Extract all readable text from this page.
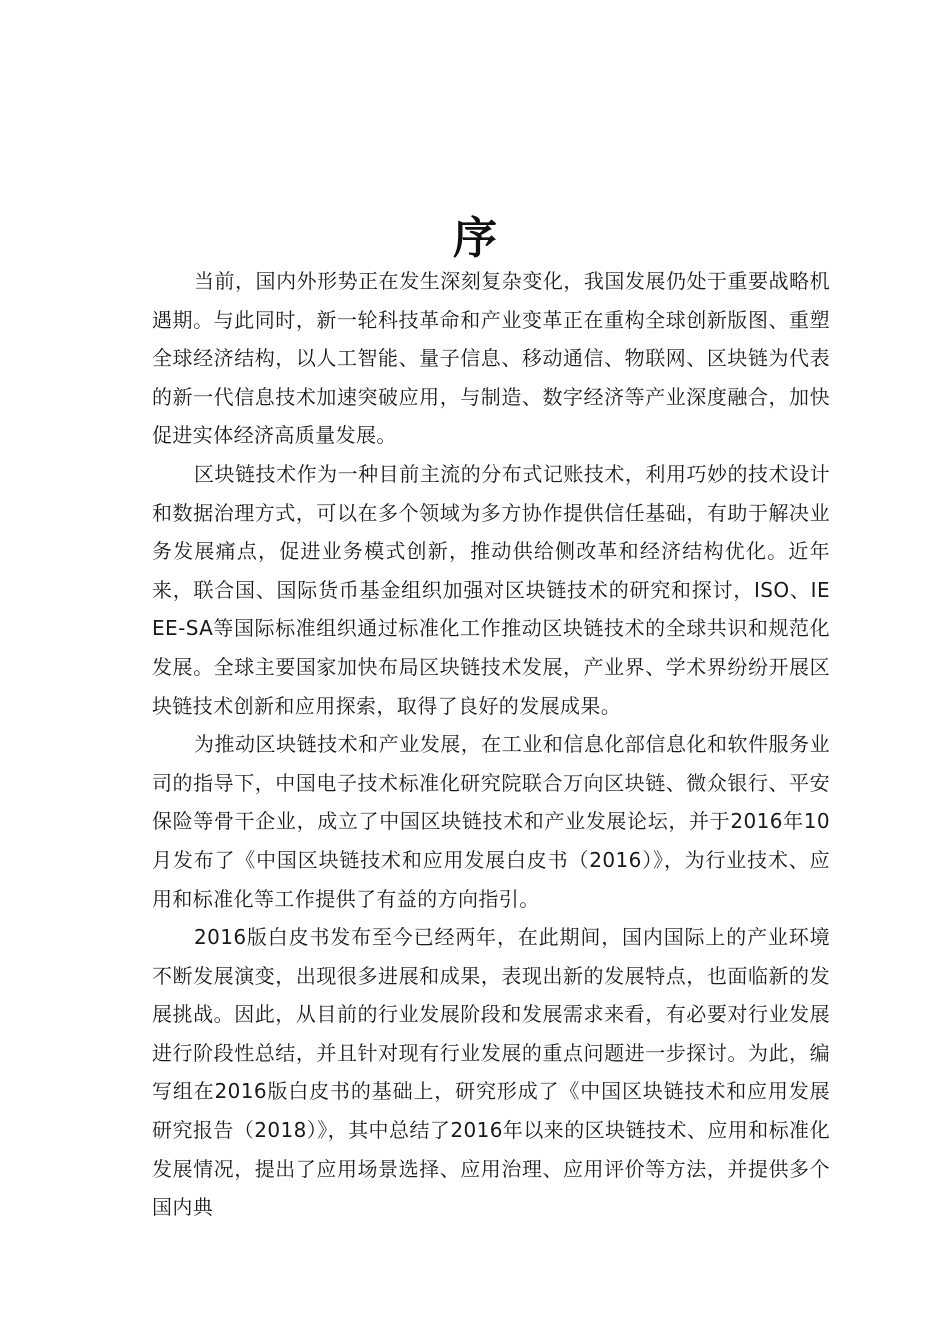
序

当前，国内外形势正在发生深刻复杂变化，我国发展仍处于重要战略机遇期。与此同时，新一轮科技革命和产业变革正在重构全球创新版图、重塑全球经济结构，以人工智能、量子信息、移动通信、物联网、区块链为代表的新一代信息技术加速突破应用，与制造、数字经济等产业深度融合，加快促进实体经济高质量发展。

区块链技术作为一种目前主流的分布式记账技术，利用巧妙的技术设计和数据治理方式，可以在多个领域为多方协作提供信任基础，有助于解决业务发展痛点，促进业务模式创新，推动供给侧改革和经济结构优化。近年来，联合国、国际货币基金组织加强对区块链技术的研究和探讨，ISO、IEEE-SA等国际标准组织通过标准化工作推动区块链技术的全球共识和规范化发展。全球主要国家加快布局区块链技术发展，产业界、学术界纷纷开展区块链技术创新和应用探索，取得了良好的发展成果。

为推动区块链技术和产业发展，在工业和信息化部信息化和软件服务业司的指导下，中国电子技术标准化研究院联合万向区块链、微众银行、平安保险等骨干企业，成立了中国区块链技术和产业发展论坛，并于2016年10月发布了《中国区块链技术和应用发展白皮书（2016）》，为行业技术、应用和标准化等工作提供了有益的方向指引。

2016版白皮书发布至今已经两年，在此期间，国内国际上的产业环境不断发展演变，出现很多进展和成果，表现出新的发展特点，也面临新的发展挑战。因此，从目前的行业发展阶段和发展需求来看，有必要对行业发展进行阶段性总结，并且针对现有行业发展的重点问题进一步探讨。为此，编写组在2016版白皮书的基础上，研究形成了《中国区块链技术和应用发展研究报告（2018）》，其中总结了2016年以来的区块链技术、应用和标准化发展情况，提出了应用场景选择、应用治理、应用评价等方法，并提供多个国内典
